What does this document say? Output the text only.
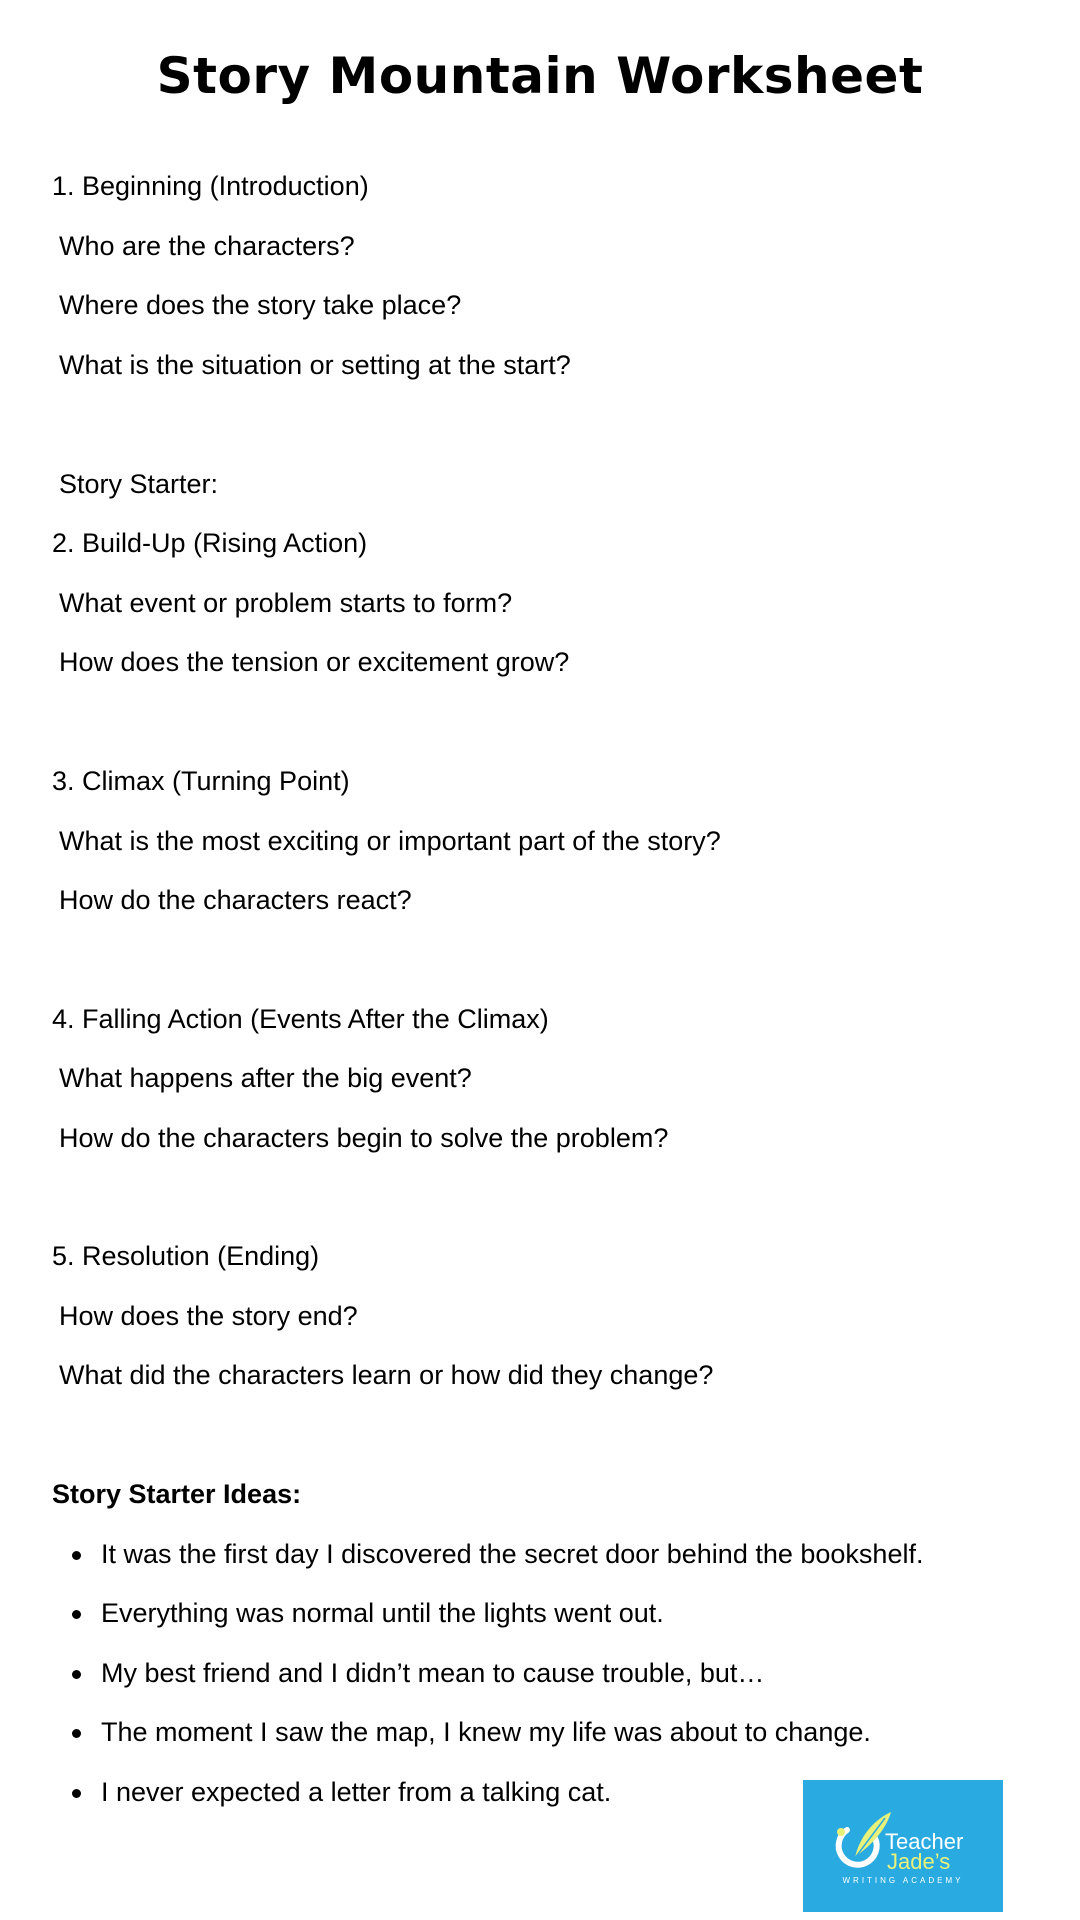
Story Mountain Worksheet
1. Beginning (Introduction)
Who are the characters?
Where does the story take place?
What is the situation or setting at the start?
Story Starter:
2. Build-Up (Rising Action)
What event or problem starts to form?
How does the tension or excitement grow?
3. Climax (Turning Point)
What is the most exciting or important part of the story?
How do the characters react?
4. Falling Action (Events After the Climax)
What happens after the big event?
How do the characters begin to solve the problem?
5. Resolution (Ending)
How does the story end?
What did the characters learn or how did they change?
Story Starter Ideas:
It was the first day I discovered the secret door behind the bookshelf.
Everything was normal until the lights went out.
My best friend and I didn’t mean to cause trouble, but…
The moment I saw the map, I knew my life was about to change.
I never expected a letter from a talking cat.
Teacher
Jade’s
WRITING ACADEMY
